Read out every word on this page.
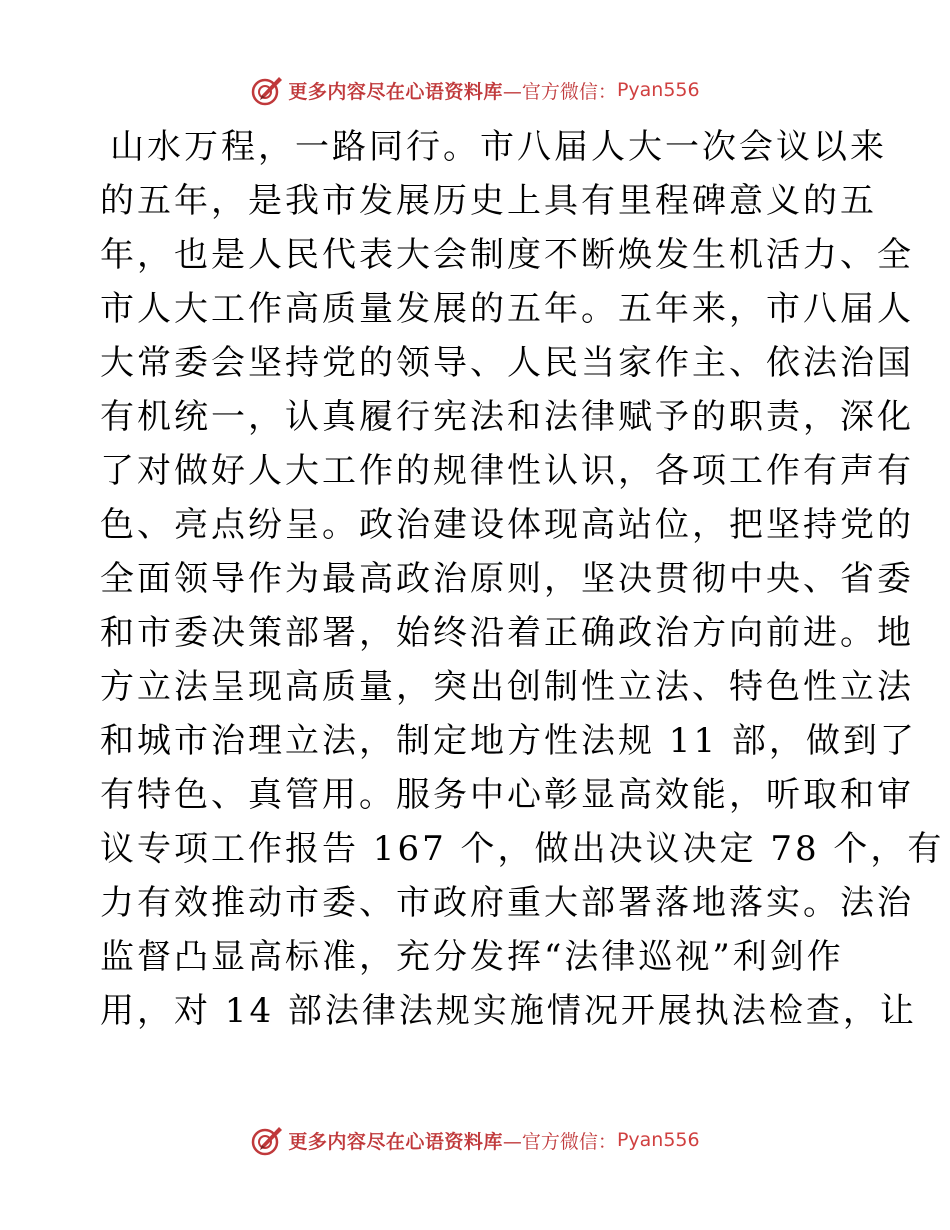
更多内容尽在心语资料库 —官方微信： Pyan556
山水万程，一路同行。市八届人大一次会议以来
的五年，是我市发展历史上具有里程碑意义的五
年，也是人民代表大会制度不断焕发生机活力、全
市人大工作高质量发展的五年。五年来，市八届人
大常委会坚持党的领导、人民当家作主、依法治国
有机统一，认真履行宪法和法律赋予的职责，深化
了对做好人大工作的规律性认识，各项工作有声有
色、亮点纷呈。政治建设体现高站位，把坚持党的
全面领导作为最高政治原则，坚决贯彻中央、省委
和市委决策部署，始终沿着正确政治方向前进。地
方立法呈现高质量，突出创制性立法、特色性立法
和城市治理立法，制定地方性法规 11 部，做到了
有特色、真管用。服务中心彰显高效能，听取和审
议专项工作报告 167 个，做出决议决定 78 个，有
力有效推动市委、市政府重大部署落地落实。法治
监督凸显高标准，充分发挥“法律巡视”利剑作
用，对 14 部法律法规实施情况开展执法检查，让
更多内容尽在心语资料库 —官方微信： Pyan556
